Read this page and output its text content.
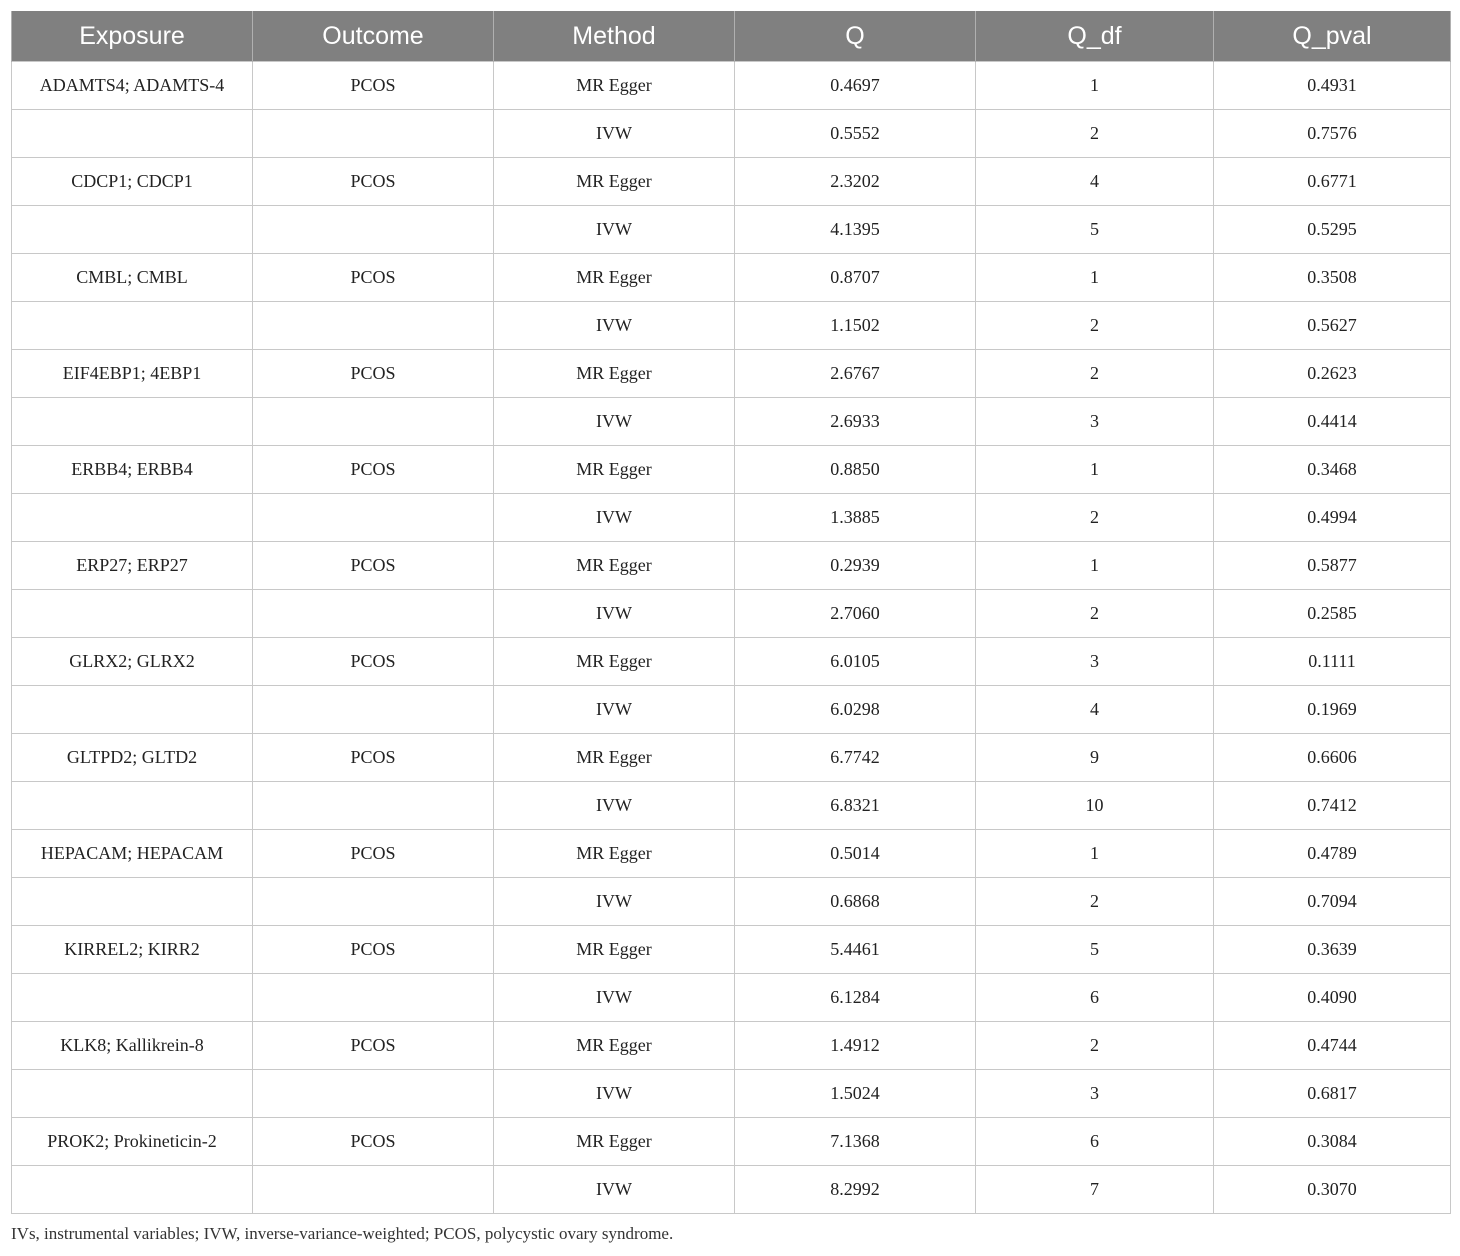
Exposure	Outcome	Method	Q	Q_df	Q_pval
ADAMTS4; ADAMTS-4	PCOS	MR Egger	0.4697	1	0.4931
		IVW	0.5552	2	0.7576
CDCP1; CDCP1	PCOS	MR Egger	2.3202	4	0.6771
		IVW	4.1395	5	0.5295
CMBL; CMBL	PCOS	MR Egger	0.8707	1	0.3508
		IVW	1.1502	2	0.5627
EIF4EBP1; 4EBP1	PCOS	MR Egger	2.6767	2	0.2623
		IVW	2.6933	3	0.4414
ERBB4; ERBB4	PCOS	MR Egger	0.8850	1	0.3468
		IVW	1.3885	2	0.4994
ERP27; ERP27	PCOS	MR Egger	0.2939	1	0.5877
		IVW	2.7060	2	0.2585
GLRX2; GLRX2	PCOS	MR Egger	6.0105	3	0.1111
		IVW	6.0298	4	0.1969
GLTPD2; GLTD2	PCOS	MR Egger	6.7742	9	0.6606
		IVW	6.8321	10	0.7412
HEPACAM; HEPACAM	PCOS	MR Egger	0.5014	1	0.4789
		IVW	0.6868	2	0.7094
KIRREL2; KIRR2	PCOS	MR Egger	5.4461	5	0.3639
		IVW	6.1284	6	0.4090
KLK8; Kallikrein-8	PCOS	MR Egger	1.4912	2	0.4744
		IVW	1.5024	3	0.6817
PROK2; Prokineticin-2	PCOS	MR Egger	7.1368	6	0.3084
		IVW	8.2992	7	0.3070
IVs, instrumental variables; IVW, inverse-variance-weighted; PCOS, polycystic ovary syndrome.
